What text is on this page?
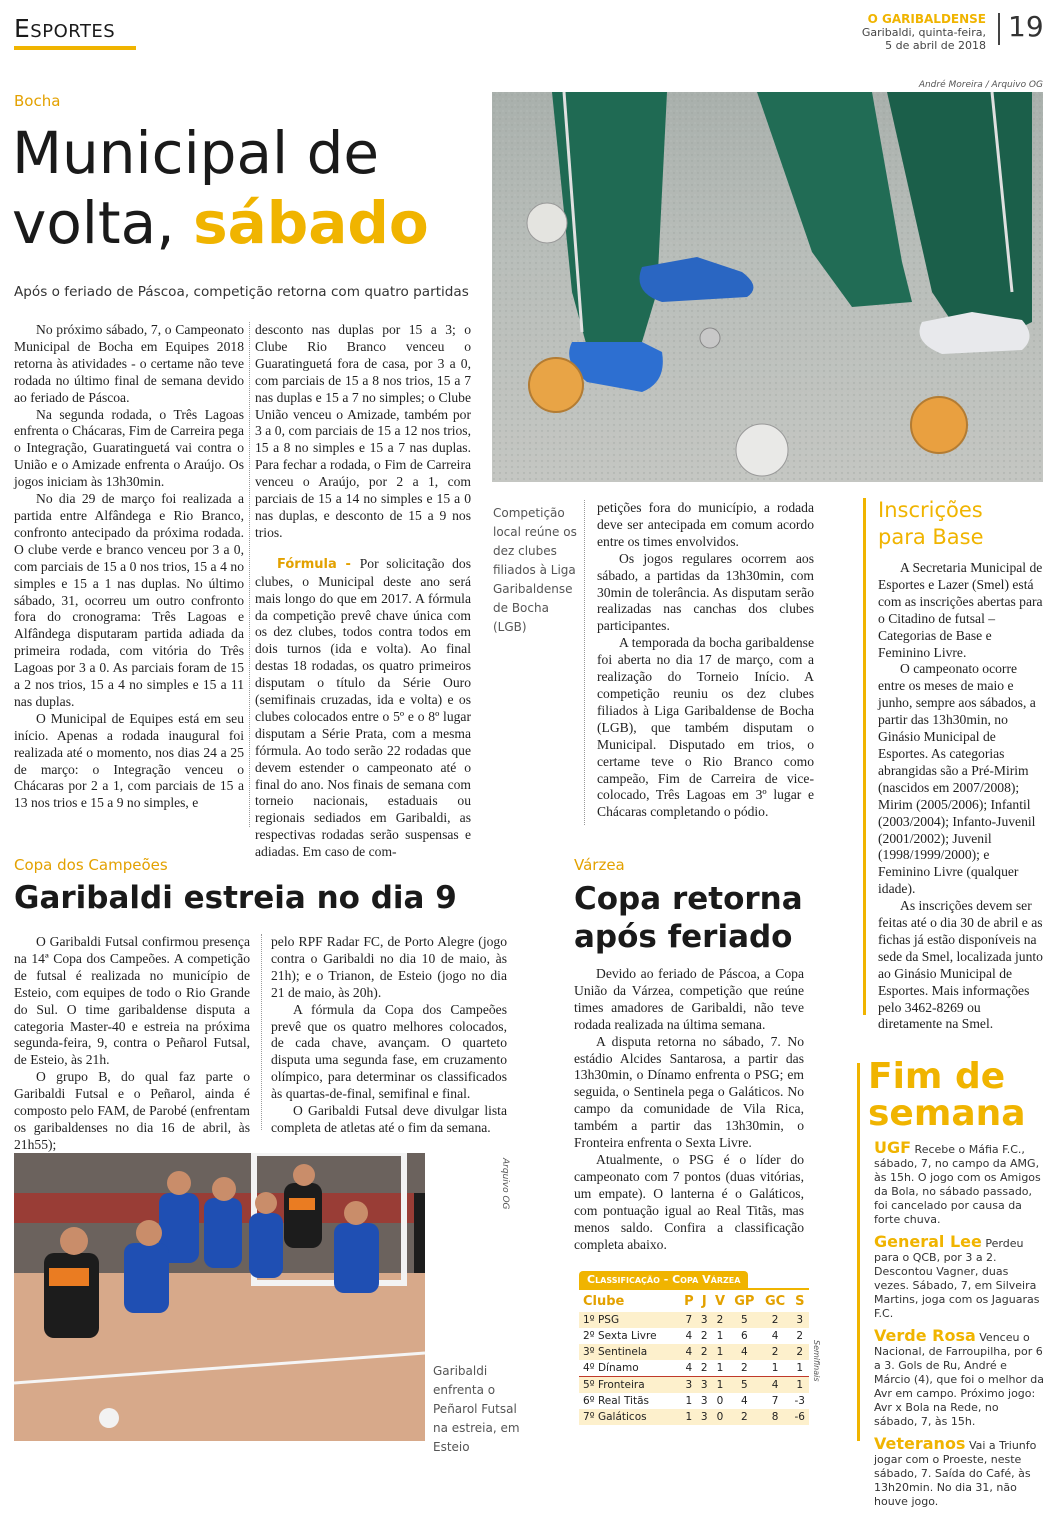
Esportes	O GARIBALDENSE
Garibaldi, quinta-feira,
5 de abril de 2018
19
Bocha
Municipal de
volta, sábado
Após o feriado de Páscoa, competição retorna com quatro partidas
André Moreira / Arquivo OG
Competição local reúne os dez clubes filiados à Liga Garibaldense de Bocha (LGB)

No próximo sábado, 7, o Campeonato Municipal de Bocha em Equipes 2018 retorna às atividades - o certame não teve rodada no último final de semana devido ao feriado de Páscoa.

Na segunda rodada, o Três Lagoas enfrenta o Chácaras, Fim de Carreira pega o Integração, Guaratinguetá vai contra o União e o Amizade enfrenta o Araújo. Os jogos iniciam às 13h30min.

No dia 29 de março foi realizada a partida entre Alfândega e Rio Branco, confronto antecipado da próxima rodada. O clube verde e branco venceu por 3 a 0, com parciais de 15 a 0 nos trios, 15 a 4 no simples e 15 a 1 nas duplas. No último sábado, 31, ocorreu um outro confronto fora do cronograma: Três Lagoas e Alfândega disputaram partida adiada da primeira rodada, com vitória do Três Lagoas por 3 a 0. As parciais foram de 15 a 2 nos trios, 15 a 4 no simples e 15 a 11 nas duplas.

O Municipal de Equipes está em seu início. Apenas a rodada inaugural foi realizada até o momento, nos dias 24 a 25 de março: o Integração venceu o Chácaras por 2 a 1, com parciais de 15 a 13 nos trios e 15 a 9 no simples, e

desconto nas duplas por 15 a 3; o Clube Rio Branco venceu o Guaratinguetá fora de casa, por 3 a 0, com parciais de 15 a 8 nos trios, 15 a 7 nas duplas e 15 a 7 no simples; o Clube União venceu o Amizade, também por 3 a 0, com parciais de 15 a 12 nos trios, 15 a 8 no simples e 15 a 7 nas duplas. Para fechar a rodada, o Fim de Carreira venceu o Araújo, por 2 a 1, com parciais de 15 a 14 no simples e 15 a 0 nas duplas, e desconto de 15 a 9 nos trios.

Fórmula - Por solicitação dos clubes, o Municipal deste ano será mais longo do que em 2017. A fórmula da competição prevê chave única com os dez clubes, todos contra todos em dois turnos (ida e volta). Ao final destas 18 rodadas, os quatro primeiros disputam o título da Série Ouro (semifinais cruzadas, ida e volta) e os clubes colocados entre o 5º e o 8º lugar disputam a Série Prata, com a mesma fórmula. Ao todo serão 22 rodadas que devem estender o campeonato até o final do ano. Nos finais de semana com torneio nacionais, estaduais ou regionais sediados em Garibaldi, as respectivas rodadas serão suspensas e adiadas. Em caso de com-

petições fora do município, a rodada deve ser antecipada em comum acordo entre os times envolvidos.

Os jogos regulares ocorrem aos sábado, a partidas da 13h30min, com 30min de tolerância. As disputam serão realizadas nas canchas dos clubes participantes.

A temporada da bocha garibaldense foi aberta no dia 17 de março, com a realização do Torneio Início. A competição reuniu os dez clubes filiados à Liga Garibaldense de Bocha (LGB), que também disputam o Municipal. Disputado em trios, o certame teve o Rio Branco como campeão, Fim de Carreira de vice-colocado, Três Lagoas em 3º lugar e Chácaras completando o pódio.

Inscrições
para Base

A Secretaria Municipal de Esportes e Lazer (Smel) está com as inscrições abertas para o Citadino de futsal – Categorias de Base e Feminino Livre.

O campeonato ocorre entre os meses de maio e junho, sempre aos sábados, a partir das 13h30min, no Ginásio Municipal de Esportes. As categorias abrangidas são a Pré-Mirim (nascidos em 2007/2008); Mirim (2005/2006); Infantil (2003/2004); Infanto-Juvenil (2001/2002); Juvenil (1998/1999/2000); e Feminino Livre (qualquer idade).

As inscrições devem ser feitas até o dia 30 de abril e as fichas já estão disponíveis na sede da Smel, localizada junto ao Ginásio Municipal de Esportes. Mais informações pelo 3462-8269 ou diretamente na Smel.

Copa dos Campeões
Garibaldi estreia no dia 9

O Garibaldi Futsal confirmou presença na 14ª Copa dos Campeões. A competição de futsal é realizada no município de Esteio, com equipes de todo o Rio Grande do Sul. O time garibaldense disputa a categoria Master-40 e estreia na próxima segunda-feira, 9, contra o Peñarol Futsal, de Esteio, às 21h.

O grupo B, do qual faz parte o Garibaldi Futsal e o Peñarol, ainda é composto pelo FAM, de Parobé (enfrentam os garibaldenses no dia 16 de abril, às 21h55);

pelo RPF Radar FC, de Porto Alegre (jogo contra o Garibaldi no dia 10 de maio, às 21h); e o Trianon, de Esteio (jogo no dia 21 de maio, às 20h).

A fórmula da Copa dos Campeões prevê que os quatro melhores colocados, de cada chave, avançam. O quarteto disputa uma segunda fase, em cruzamento olímpico, para determinar os classificados às quartas-de-final, semifinal e final.

O Garibaldi Futsal deve divulgar lista completa de atletas até o fim da semana.

Arquivo OG
Garibaldi enfrenta o Peñarol Futsal na estreia, em Esteio
Várzea
Copa retorna
após feriado

Devido ao feriado de Páscoa, a Copa União da Várzea, competição que reúne times amadores de Garibaldi, não teve rodada realizada na última semana.

A disputa retorna no sábado, 7. No estádio Alcides Santarosa, a partir das 13h30min, o Dínamo enfrenta o PSG; em seguida, o Sentinela pega o Galáticos. No campo da comunidade de Vila Rica, também a partir das 13h30min, o Fronteira enfrenta o Sexta Livre.

Atualmente, o PSG é o líder do campeonato com 7 pontos (duas vitórias, um empate). O lanterna é o Galáticos, com pontuação igual ao Real Titãs, mas menos saldo. Confira a classificação completa abaixo.

Classificação - Copa Várzea
Clube	P	J	V	GP	GC	S
1º PSG	7	3	2	5	2	3
2º Sexta Livre	4	2	1	6	4	2
3º Sentinela	4	2	1	4	2	2
4º Dínamo	4	2	1	2	1	1
5º Fronteira	3	3	1	5	4	1
6º Real Titãs	1	3	0	4	7	-3
7º Galáticos	1	3	0	2	8	-6
Semifinais
Fim de
semana
UGF Recebe o Máfia F.C., sábado, 7, no campo da AMG, às 15h. O jogo com os Amigos da Bola, no sábado passado, foi cancelado por causa da forte chuva.
General Lee Perdeu para o QCB, por 3 a 2. Descontou Vagner, duas vezes. Sábado, 7, em Silveira Martins, joga com os Jaguaras F.C.
Verde Rosa Venceu o Nacional, de Farroupilha, por 6 a 3. Gols de Ru, André e Márcio (4), que foi o melhor da Avr em campo. Próximo jogo: Avr x Bola na Rede, no sábado, 7, às 15h.
Veteranos Vai a Triunfo jogar com o Proeste, neste sábado, 7. Saída do Café, às 13h20min. No dia 31, não houve jogo.
